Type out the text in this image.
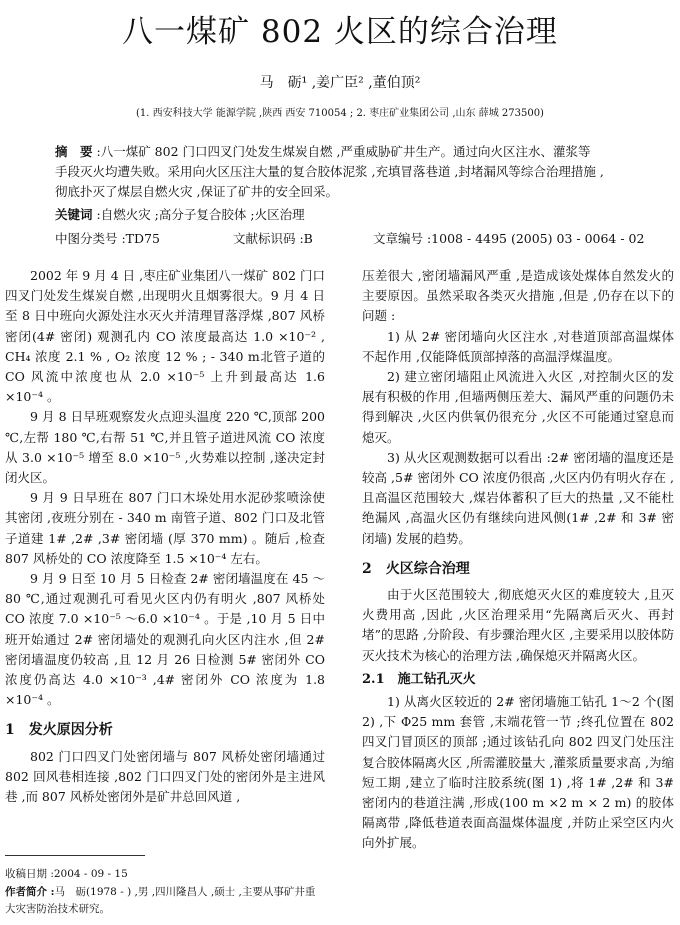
八一煤矿 802 火区的综合治理
马　砺¹ ,姜广臣² ,董伯顶²
(1. 西安科技大学 能源学院 ,陕西 西安 710054 ; 2. 枣庄矿业集团公司 ,山东 薛城 273500)
摘　要 :八一煤矿 802 门口四叉门处发生煤炭自燃 ,严重威胁矿井生产。通过向火区注水、灌浆等
手段灭火均遭失败。采用向火区压注大量的复合胶体泥浆 ,充填冒落巷道 ,封堵漏风等综合治理措施 ,
彻底扑灭了煤层自燃火灾 ,保证了矿井的安全回采。
关键词 :自燃火灾 ;高分子复合胶体 ;火区治理
中图分类号 :TD75	文献标识码 :B	文章编号 :1008 - 4495 (2005) 03 - 0064 - 02

2002 年 9 月 4 日 ,枣庄矿业集团八一煤矿 802 门口四叉门处发生煤炭自燃 ,出现明火且烟雾很大。9 月 4 日至 8 日中班向火源处注水灭火并清理冒落浮煤 ,807 风桥密闭(4# 密闭) 观测孔内 CO 浓度最高达 1.0 ×10⁻² , CH₄ 浓度 2.1 % , O₂ 浓度 12 % ; - 340 m北管子道的 CO 风流中浓度也从 2.0 ×10⁻⁵ 上升到最高达 1.6 ×10⁻⁴ 。

9 月 8 日早班观察发火点迎头温度 220 ℃,顶部 200 ℃,左帮 180 ℃,右帮 51 ℃,并且管子道进风流 CO 浓度从 3.0 ×10⁻⁵ 增至 8.0 ×10⁻⁵ ,火势难以控制 ,遂决定封闭火区。

9 月 9 日早班在 807 门口木垛处用水泥砂浆喷涂使其密闭 ,夜班分别在 - 340 m 南管子道、802 门口及北管子道建 1# ,2# ,3# 密闭墙 (厚 370 mm) 。随后 ,检查 807 风桥处的 CO 浓度降至 1.5 ×10⁻⁴ 左右。

9 月 9 日至 10 月 5 日检查 2# 密闭墙温度在 45 ～80 ℃,通过观测孔可看见火区内仍有明火 ,807 风桥处 CO 浓度 7.0 ×10⁻⁵ ～6.0 ×10⁻⁴ 。于是 ,10 月 5 日中班开始通过 2# 密闭墙处的观测孔向火区内注水 ,但 2# 密闭墙温度仍较高 ,且 12 月 26 日检测 5# 密闭外 CO 浓度仍高达 4.0 ×10⁻³ ,4# 密闭外 CO 浓度为 1.8 ×10⁻⁴ 。

1　发火原因分析

802 门口四叉门处密闭墙与 807 风桥处密闭墙通过 802 回风巷相连接 ,802 门口四叉门处的密闭外是主进风巷 ,而 807 风桥处密闭外是矿井总回风道 ,

压差很大 ,密闭墙漏风严重 ,是造成该处煤体自然发火的主要原因。虽然采取各类灭火措施 ,但是 ,仍存在以下的问题 :

1) 从 2# 密闭墙向火区注水 ,对巷道顶部高温煤体不起作用 ,仅能降低顶部掉落的高温浮煤温度。

2) 建立密闭墙阻止风流进入火区 ,对控制火区的发展有积极的作用 ,但墙两侧压差大、漏风严重的问题仍未得到解决 ,火区内供氧仍很充分 ,火区不可能通过窒息而熄灭。

3) 从火区观测数据可以看出 :2# 密闭墙的温度还是较高 ,5# 密闭外 CO 浓度仍很高 ,火区内仍有明火存在 ,且高温区范围较大 ,煤岩体蓄积了巨大的热量 ,又不能杜绝漏风 ,高温火区仍有继续向进风侧(1# ,2# 和 3# 密闭墙) 发展的趋势。

2　火区综合治理

由于火区范围较大 ,彻底熄灭火区的难度较大 ,且灭火费用高 ,因此 ,火区治理采用“先隔离后灭火、再封堵”的思路 ,分阶段、有步骤治理火区 ,主要采用以胶体防灭火技术为核心的治理方法 ,确保熄灭并隔离火区。

2.1　施工钻孔灭火

1) 从离火区较近的 2# 密闭墙施工钻孔 1～2 个(图 2) ,下 Φ25 mm 套管 ,末端花管一节 ;终孔位置在 802 四叉门冒顶区的顶部 ;通过该钻孔向 802 四叉门处压注复合胶体隔离火区 ,所需灌胶量大 ,灌浆质量要求高 ,为缩短工期 ,建立了临时注胶系统(图 1) ,将 1# ,2# 和 3# 密闭内的巷道注满 ,形成(100 m ×2 m × 2 m) 的胶体隔离带 ,降低巷道表面高温煤体温度 ,并防止采空区内火向外扩展。

收稿日期 :2004 - 09 - 15
作者简介 :马　砺(1978 - ) ,男 ,四川隆昌人 ,硕士 ,主要从事矿井重大灾害防治技术研究。
